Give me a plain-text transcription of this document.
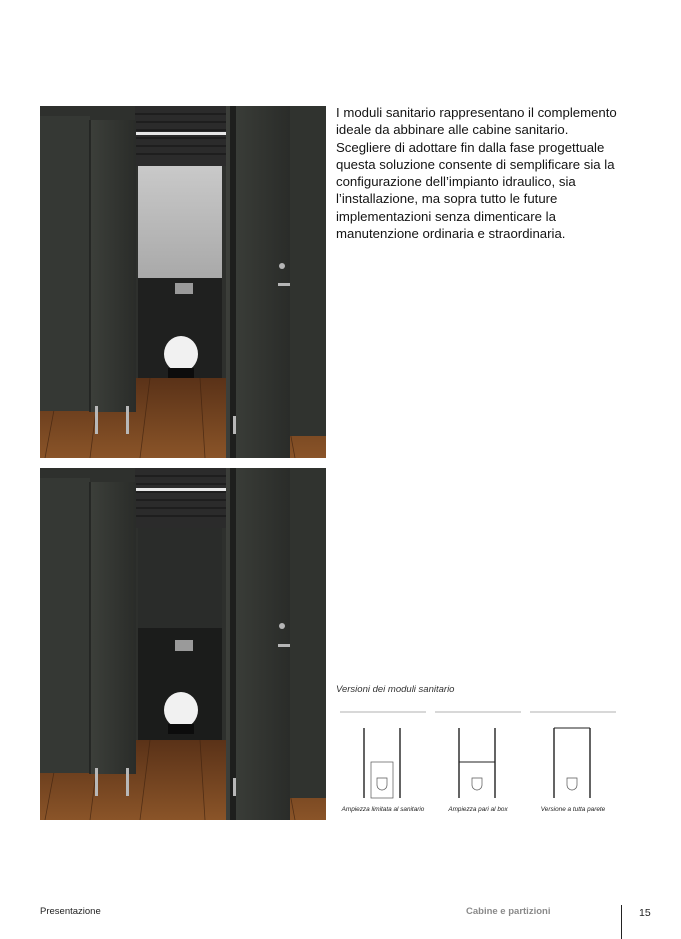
I moduli sanitario rappresentano il complemento ideale da abbinare alle cabine sanitario.

Scegliere di adottare fin dalla fase progettuale questa soluzione consente di semplificare sia la configurazione dell’impianto idraulico, sia l’installazione, ma sopra tutto le future implementazioni senza dimenticare la manutenzione ordinaria e straordinaria.

Versioni dei moduli sanitario
Ampiezza limitata al sanitario	Ampiezza pari al box	Versione a tutta parete
Presentazione	Cabine e partizioni	15
